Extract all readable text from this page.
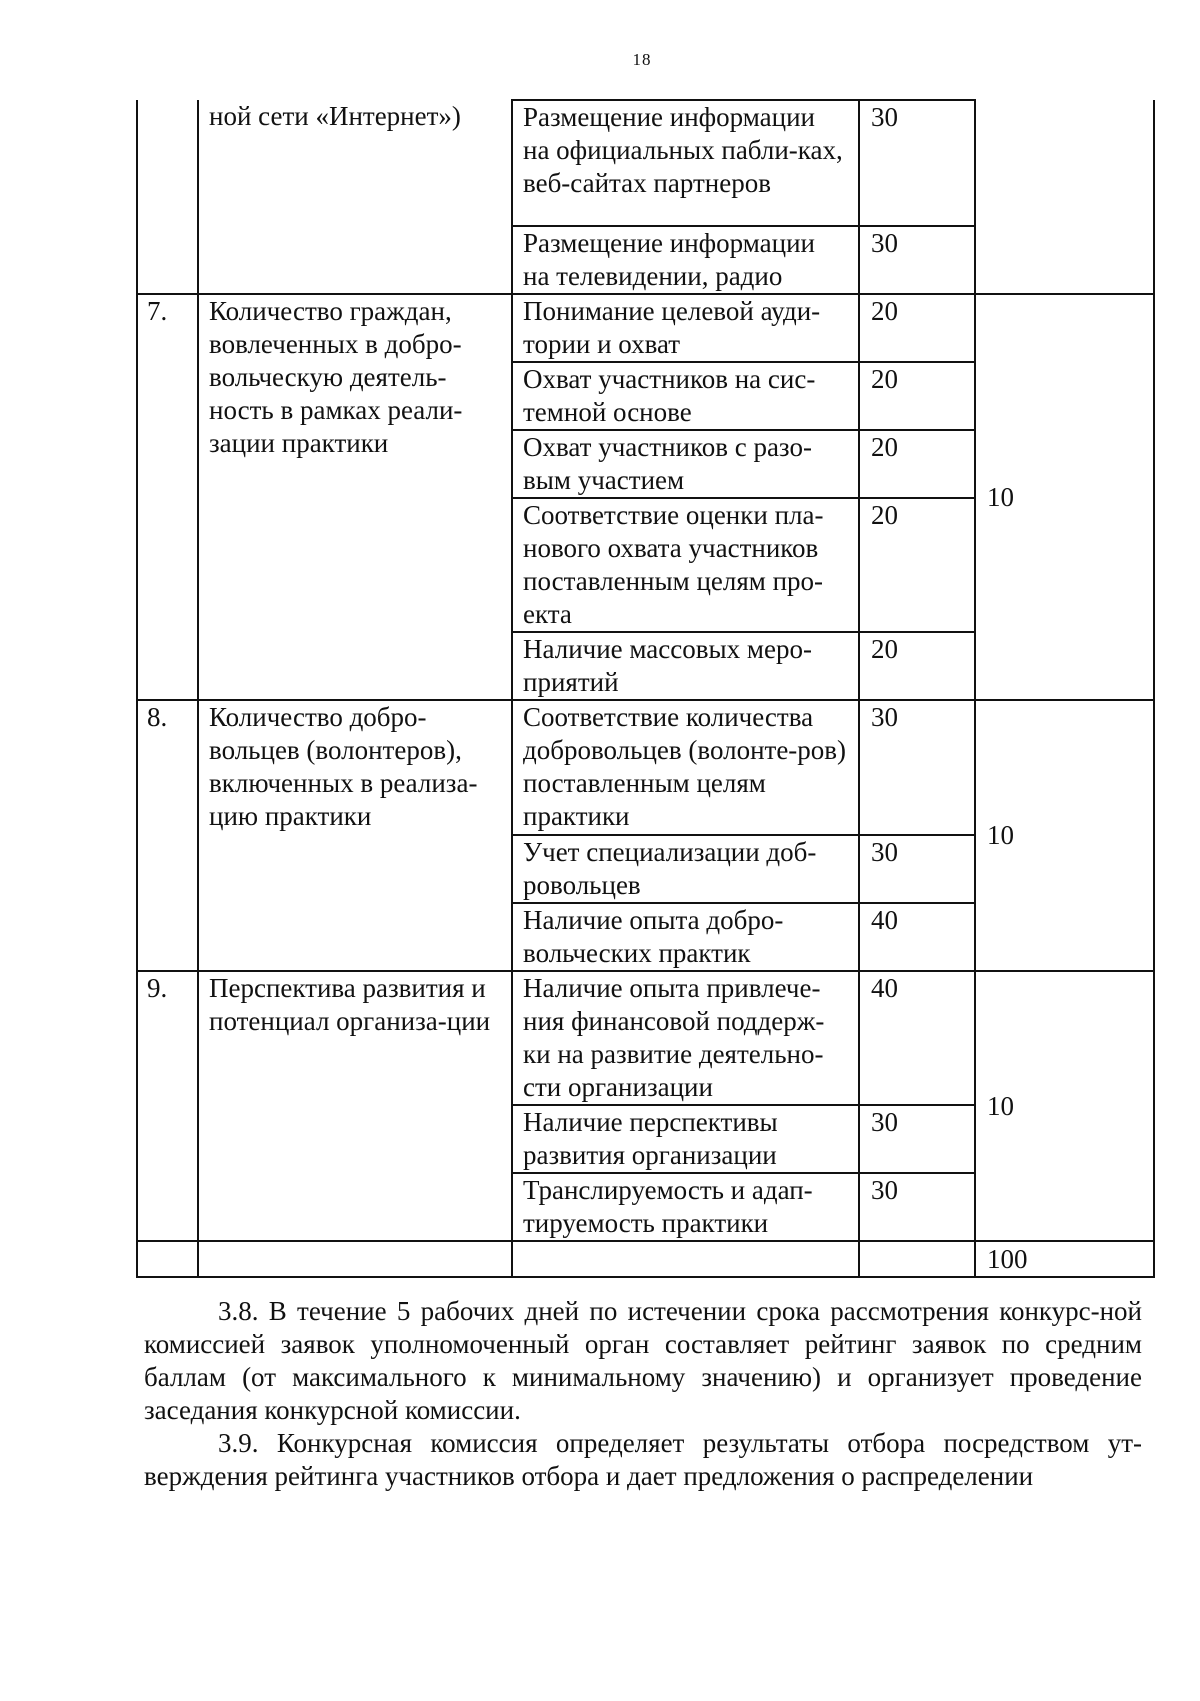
18
	ной сети «Интернет»)	Размещение информации на официальных пабли-ках, веб-сайтах партнеров	30	
		Размещение информации на телевидении, радио	30	
7.	Количество граждан, вовлеченных в добро-вольческую деятель-ность в рамках реали-зации практики	Понимание целевой ауди-тории и охват	20	10
		Охват участников на сис-темной основе	20	
		Охват участников с разо-вым участием	20	
		Соответствие оценки пла-нового охвата участников поставленным целям про-екта	20	
		Наличие массовых меро-приятий	20	
8.	Количество добро-вольцев (волонтеров), включенных в реализа-цию практики	Соответствие количества добровольцев (волонте-ров) поставленным целям практики	30	10
		Учет специализации доб-ровольцев	30	
		Наличие опыта добро-вольческих практик	40	
9.	Перспектива развития и потенциал организа-ции	Наличие опыта привлече-ния финансовой поддерж-ки на развитие деятельно-сти организации	40	10
		Наличие перспективы развития организации	30	
		Транслируемость и адап-тируемость практики	30	
				100

3.8. В течение 5 рабочих дней по истечении срока рассмотрения конкурс-ной комиссией заявок уполномоченный орган составляет рейтинг заявок по средним баллам (от максимального к минимальному значению) и организует проведение заседания конкурсной комиссии.

3.9. Конкурсная комиссия определяет результаты отбора посредством ут-верждения рейтинга участников отбора и дает предложения о распределении
